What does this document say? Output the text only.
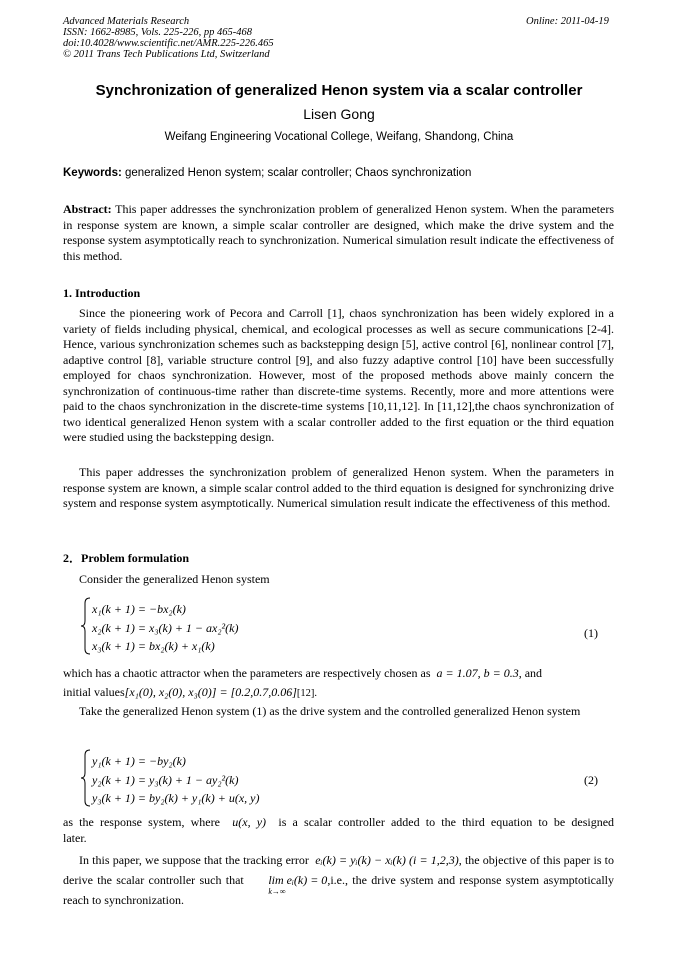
Advanced Materials Research
ISSN: 1662-8985, Vols. 225-226, pp 465-468
doi:10.4028/www.scientific.net/AMR.225-226.465
© 2011 Trans Tech Publications Ltd, Switzerland
Online: 2011-04-19
Synchronization of generalized Henon system via a scalar controller
Lisen Gong
Weifang Engineering Vocational College, Weifang, Shandong, China
Keywords: generalized Henon system; scalar controller; Chaos synchronization
Abstract: This paper addresses the synchronization problem of generalized Henon system. When the parameters in response system are known, a simple scalar controller are designed, which make the drive system and the response system asymptotically reach to synchronization. Numerical simulation result indicate the effectiveness of this method.
1. Introduction
Since the pioneering work of Pecora and Carroll [1], chaos synchronization has been widely explored in a variety of fields including physical, chemical, and ecological processes as well as secure communications [2-4]. Hence, various synchronization schemes such as backstepping design [5], active control [6], nonlinear control [7], adaptive control [8], variable structure control [9], and also fuzzy adaptive control [10] have been successfully employed for chaos synchronization. However, most of the proposed methods above mainly concern the synchronization of continuous-time rather than discrete-time systems. Recently, more and more attentions were paid to the chaos synchronization in the discrete-time systems [10,11,12]. In [11,12],the chaos synchronization of two identical generalized Henon system with a scalar controller added to the first equation or the third equation were studied using the backstepping design.
This paper addresses the synchronization problem of generalized Henon system. When the parameters in response system are known, a simple scalar control added to the third equation is designed for synchronizing drive system and response system asymptotically. Numerical simulation result indicate the effectiveness of this method.
2．Problem formulation
Consider the generalized Henon system
x₁(k + 1) = −bx₂(k)
x₂(k + 1) = x₃(k) + 1 − ax₂²(k)
x₃(k + 1) = bx₂(k) + x₁(k)
(1)
which has a chaotic attractor when the parameters are respectively chosen as a = 1.07, b = 0.3, and
initial values[x₁(0), x₂(0), x₃(0)] = [0.2,0.7,0.06][12].
Take the generalized Henon system (1) as the drive system and the controlled generalized Henon system
y₁(k + 1) = −by₂(k)
y₂(k + 1) = y₃(k) + 1 − ay₂²(k)
y₃(k + 1) = by₂(k) + y₁(k) + u(x, y)
(2)
as the response system, where u(x, y) is a scalar controller added to the third equation to be designed later.
In this paper, we suppose that the tracking error eᵢ(k) = yᵢ(k) − xᵢ(k) (i = 1,2,3), the objective of this paper is to derive the scalar controller such that lim eᵢ(k) = 0
k→∞
,i.e., the drive system and response system asymptotically reach to synchronization.
